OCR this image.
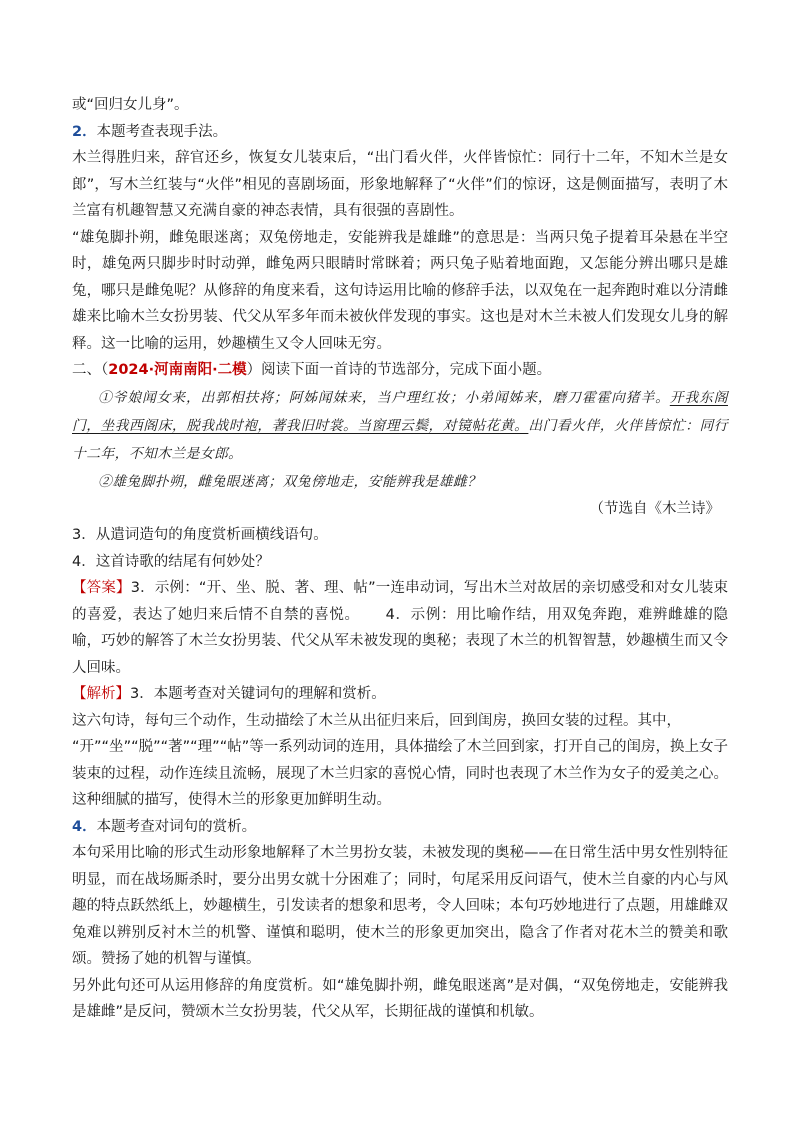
或“回归女儿身”。

2．本题考查表现手法。

木兰得胜归来，辞官还乡，恢复女儿装束后，“出门看火伴，火伴皆惊忙：同行十二年，不知木兰是女郎”，写木兰红装与“火伴”相见的喜剧场面，形象地解释了“火伴”们的惊讶，这是侧面描写，表明了木兰富有机趣智慧又充满自豪的神态表情，具有很强的喜剧性。

“雄兔脚扑朔，雌兔眼迷离；双兔傍地走，安能辨我是雄雌”的意思是：当两只兔子提着耳朵悬在半空时，雄兔两只脚步时时动弹，雌兔两只眼睛时常眯着；两只兔子贴着地面跑，又怎能分辨出哪只是雄兔，哪只是雌兔呢？从修辞的角度来看，这句诗运用比喻的修辞手法，以双兔在一起奔跑时难以分清雌雄来比喻木兰女扮男装、代父从军多年而未被伙伴发现的事实。这也是对木兰未被人们发现女儿身的解释。这一比喻的运用，妙趣横生又令人回味无穷。

二、（2024·河南南阳·二模）阅读下面一首诗的节选部分，完成下面小题。

①爷娘闻女来，出郭相扶将；阿姊闻妹来，当户理红妆；小弟闻姊来，磨刀霍霍向猪羊。开我东阁门，坐我西阁床，脱我战时袍，著我旧时裳。当窗理云鬓，对镜帖花黄。出门看火伴，火伴皆惊忙：同行十二年，不知木兰是女郎。

②雄兔脚扑朔，雌兔眼迷离；双兔傍地走，安能辨我是雄雌？

（节选自《木兰诗》

3．从遣词造句的角度赏析画横线语句。

4．这首诗歌的结尾有何妙处？

【答案】3．示例：“开、坐、脱、著、理、帖”一连串动词，写出木兰对故居的亲切感受和对女儿装束的喜爱，表达了她归来后情不自禁的喜悦。 4．示例：用比喻作结，用双兔奔跑，难辨雌雄的隐喻，巧妙的解答了木兰女扮男装、代父从军未被发现的奥秘；表现了木兰的机智智慧，妙趣横生而又令人回味。

【解析】3．本题考查对关键词句的理解和赏析。

这六句诗，每句三个动作，生动描绘了木兰从出征归来后，回到闺房，换回女装的过程。其中，

“开”“坐”“脱”“著”“理”“帖”等一系列动词的连用，具体描绘了木兰回到家，打开自己的闺房，换上女子装束的过程，动作连续且流畅，展现了木兰归家的喜悦心情，同时也表现了木兰作为女子的爱美之心。这种细腻的描写，使得木兰的形象更加鲜明生动。

4．本题考查对词句的赏析。

本句采用比喻的形式生动形象地解释了木兰男扮女装，未被发现的奥秘——在日常生活中男女性别特征明显，而在战场厮杀时，要分出男女就十分困难了；同时，句尾采用反问语气，使木兰自豪的内心与风趣的特点跃然纸上，妙趣横生，引发读者的想象和思考，令人回味；本句巧妙地进行了点题，用雄雌双兔难以辨别反衬木兰的机警、谨慎和聪明，使木兰的形象更加突出，隐含了作者对花木兰的赞美和歌颂。赞扬了她的机智与谨慎。

另外此句还可从运用修辞的角度赏析。如“雄兔脚扑朔，雌兔眼迷离”是对偶，“双兔傍地走，安能辨我是雄雌”是反问，赞颂木兰女扮男装，代父从军，长期征战的谨慎和机敏。
